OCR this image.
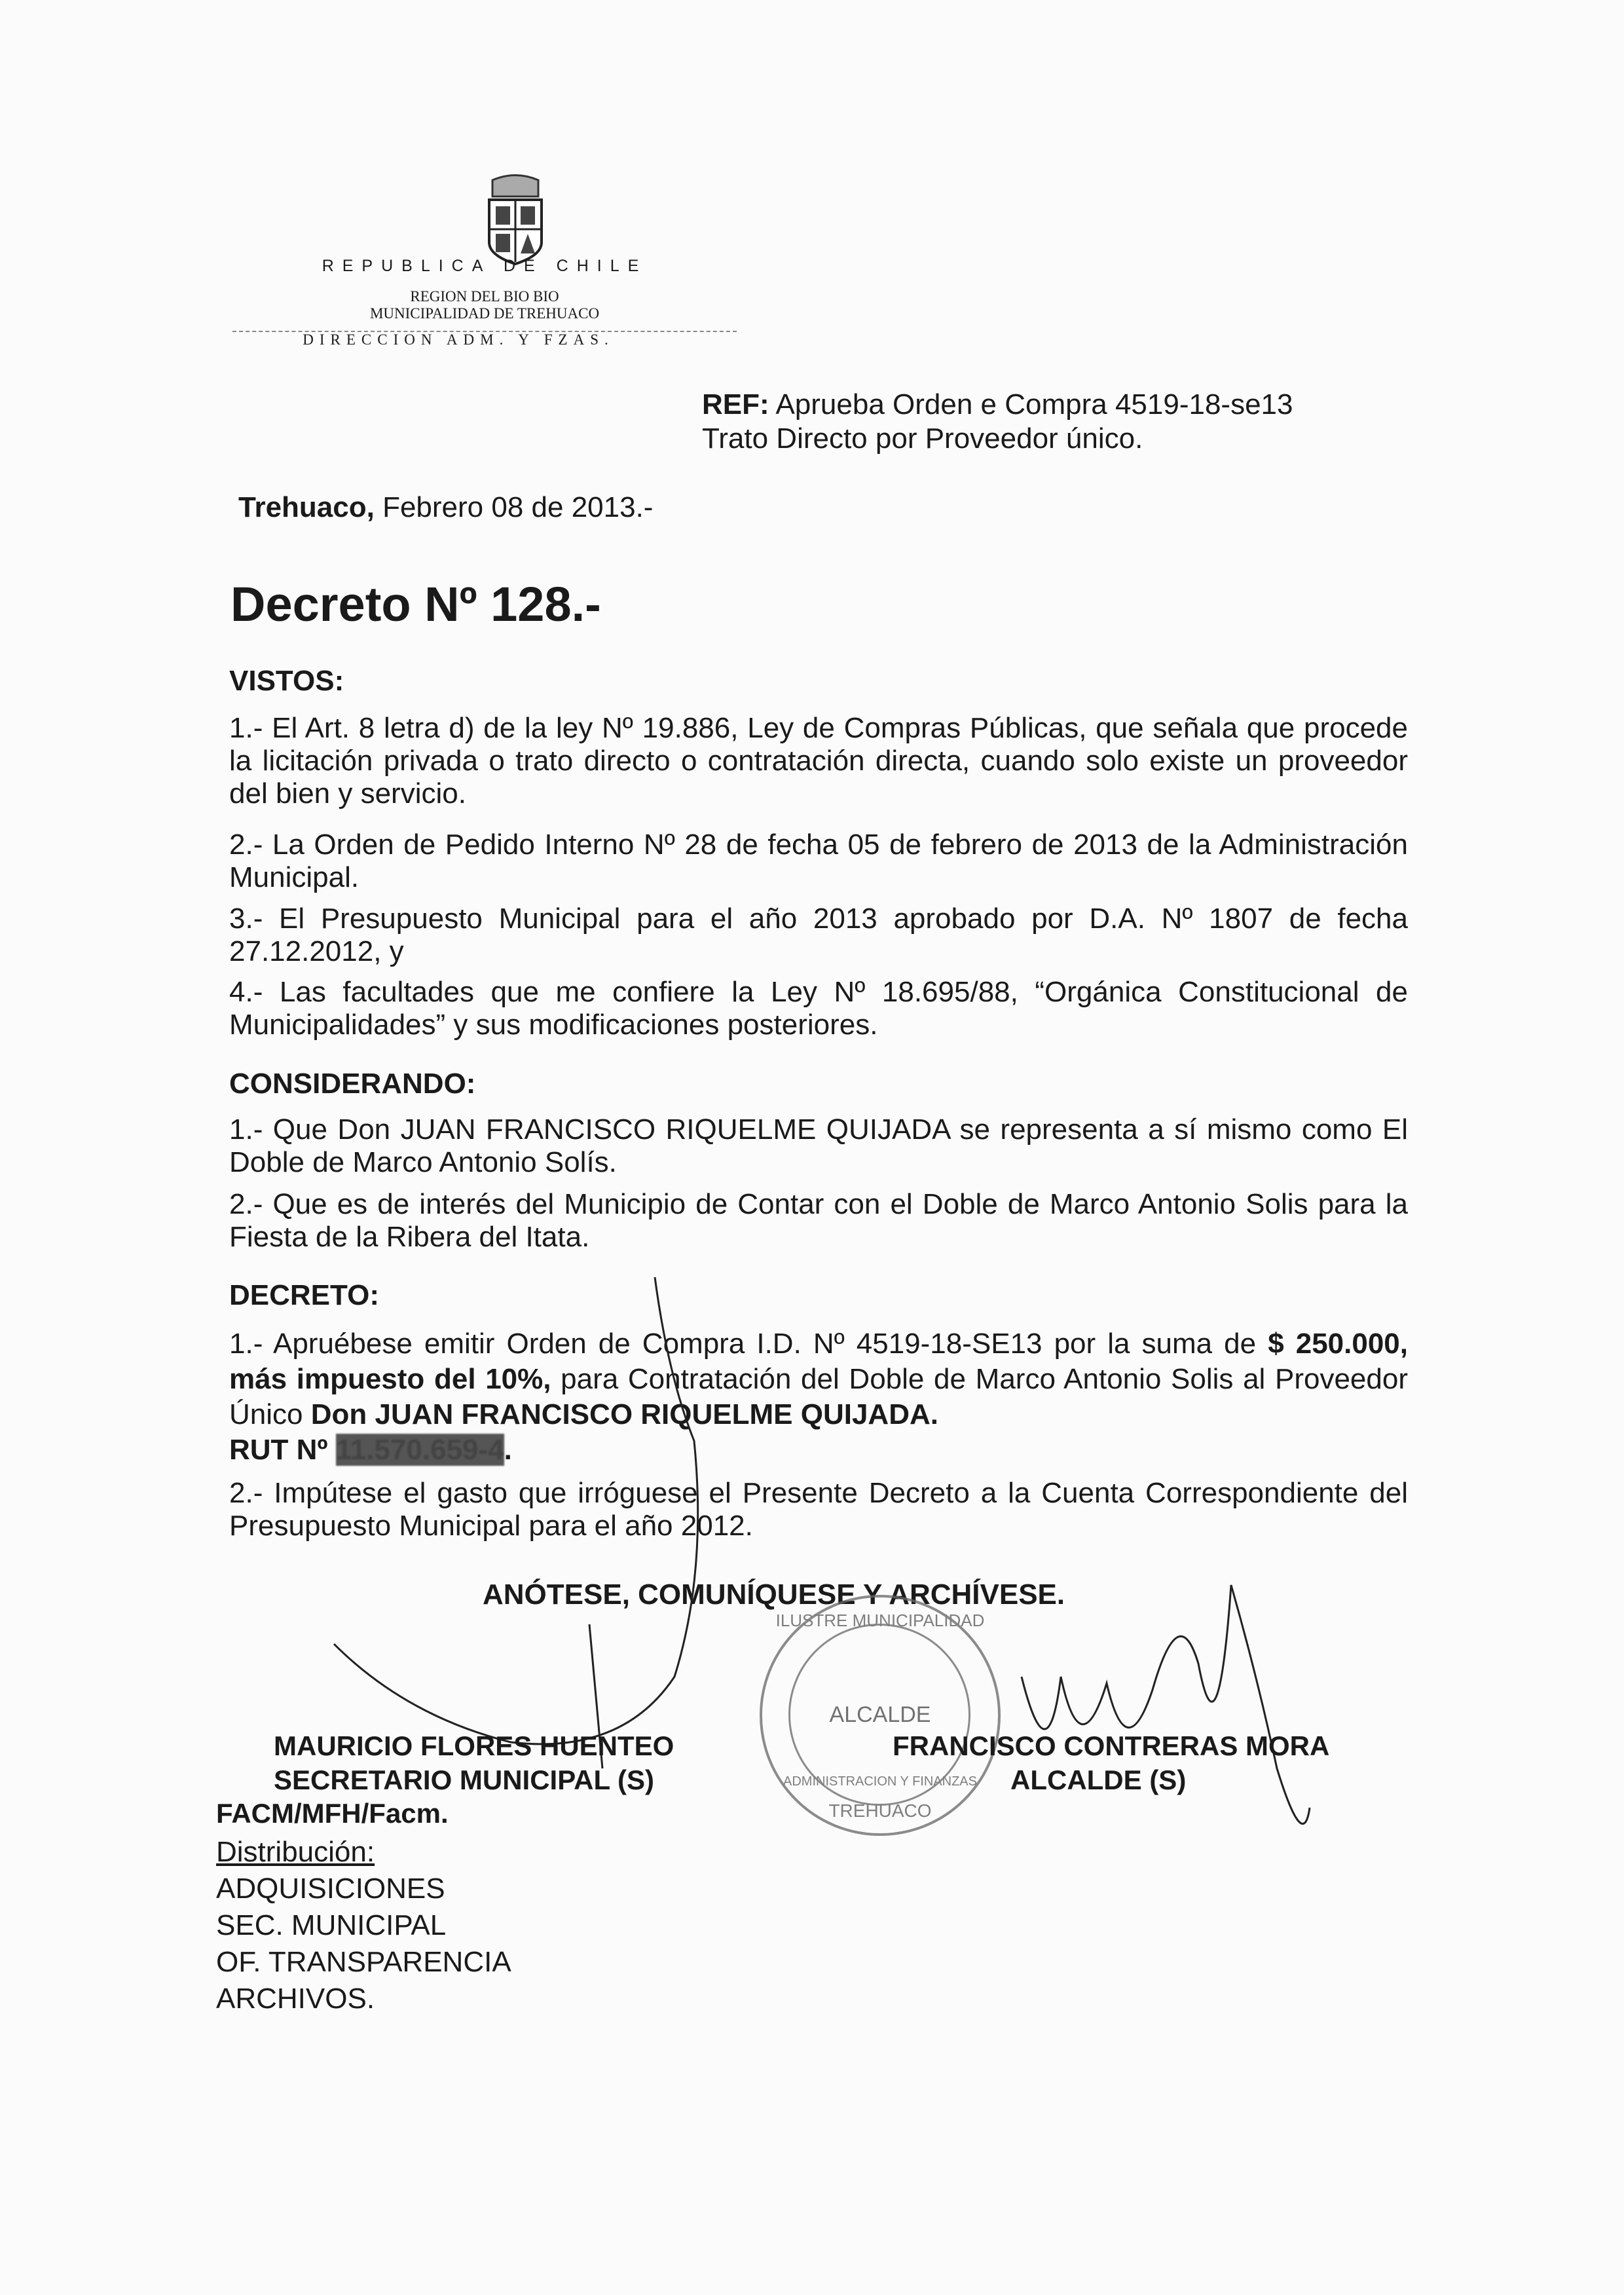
REPUBLICA DE CHILE
REGION DEL BIO BIO
MUNICIPALIDAD DE TREHUACO
DIRECCION ADM. Y FZAS.
REF: Aprueba Orden e Compra 4519-18-se13
Trato Directo por Proveedor único.
Trehuaco, Febrero 08 de 2013.-
Decreto Nº 128.-
VISTOS:
1.- El Art. 8 letra d) de la ley Nº 19.886, Ley de Compras Públicas, que señala que procede la licitación privada o trato directo o contratación directa, cuando solo existe un proveedor del bien y servicio.
2.- La Orden de Pedido Interno Nº 28 de fecha 05 de febrero de 2013 de la Administración Municipal.
3.- El Presupuesto Municipal para el año 2013 aprobado por D.A. Nº 1807 de fecha 27.12.2012, y
4.- Las facultades que me confiere la Ley Nº 18.695/88, “Orgánica Constitucional de Municipalidades” y sus modificaciones posteriores.
CONSIDERANDO:
1.- Que Don JUAN FRANCISCO RIQUELME QUIJADA se representa a sí mismo como El Doble de Marco Antonio Solís.
2.- Que es de interés del Municipio de Contar con el Doble de Marco Antonio Solis para la Fiesta de la Ribera del Itata.
DECRETO:
1.- Apruébese emitir Orden de Compra I.D. Nº 4519-18-SE13 por la suma de $ 250.000, más impuesto del 10%, para Contratación del Doble de Marco Antonio Solis al Proveedor Único Don JUAN FRANCISCO RIQUELME QUIJADA.
RUT Nº 11.570.659-4.
2.- Impútese el gasto que irróguese el Presente Decreto a la Cuenta Correspondiente del Presupuesto Municipal para el año 2012.
ANÓTESE, COMUNÍQUESE Y ARCHÍVESE.
ILUSTRE MUNICIPALIDAD
ADMINISTRACION Y FINANZAS
ALCALDE
TREHUACO
MAURICIO FLORES HUENTEO
SECRETARIO MUNICIPAL (S)
FRANCISCO CONTRERAS MORA
ALCALDE (S)
FACM/MFH/Facm.
Distribución:
ADQUISICIONES
SEC. MUNICIPAL
OF. TRANSPARENCIA
ARCHIVOS.
